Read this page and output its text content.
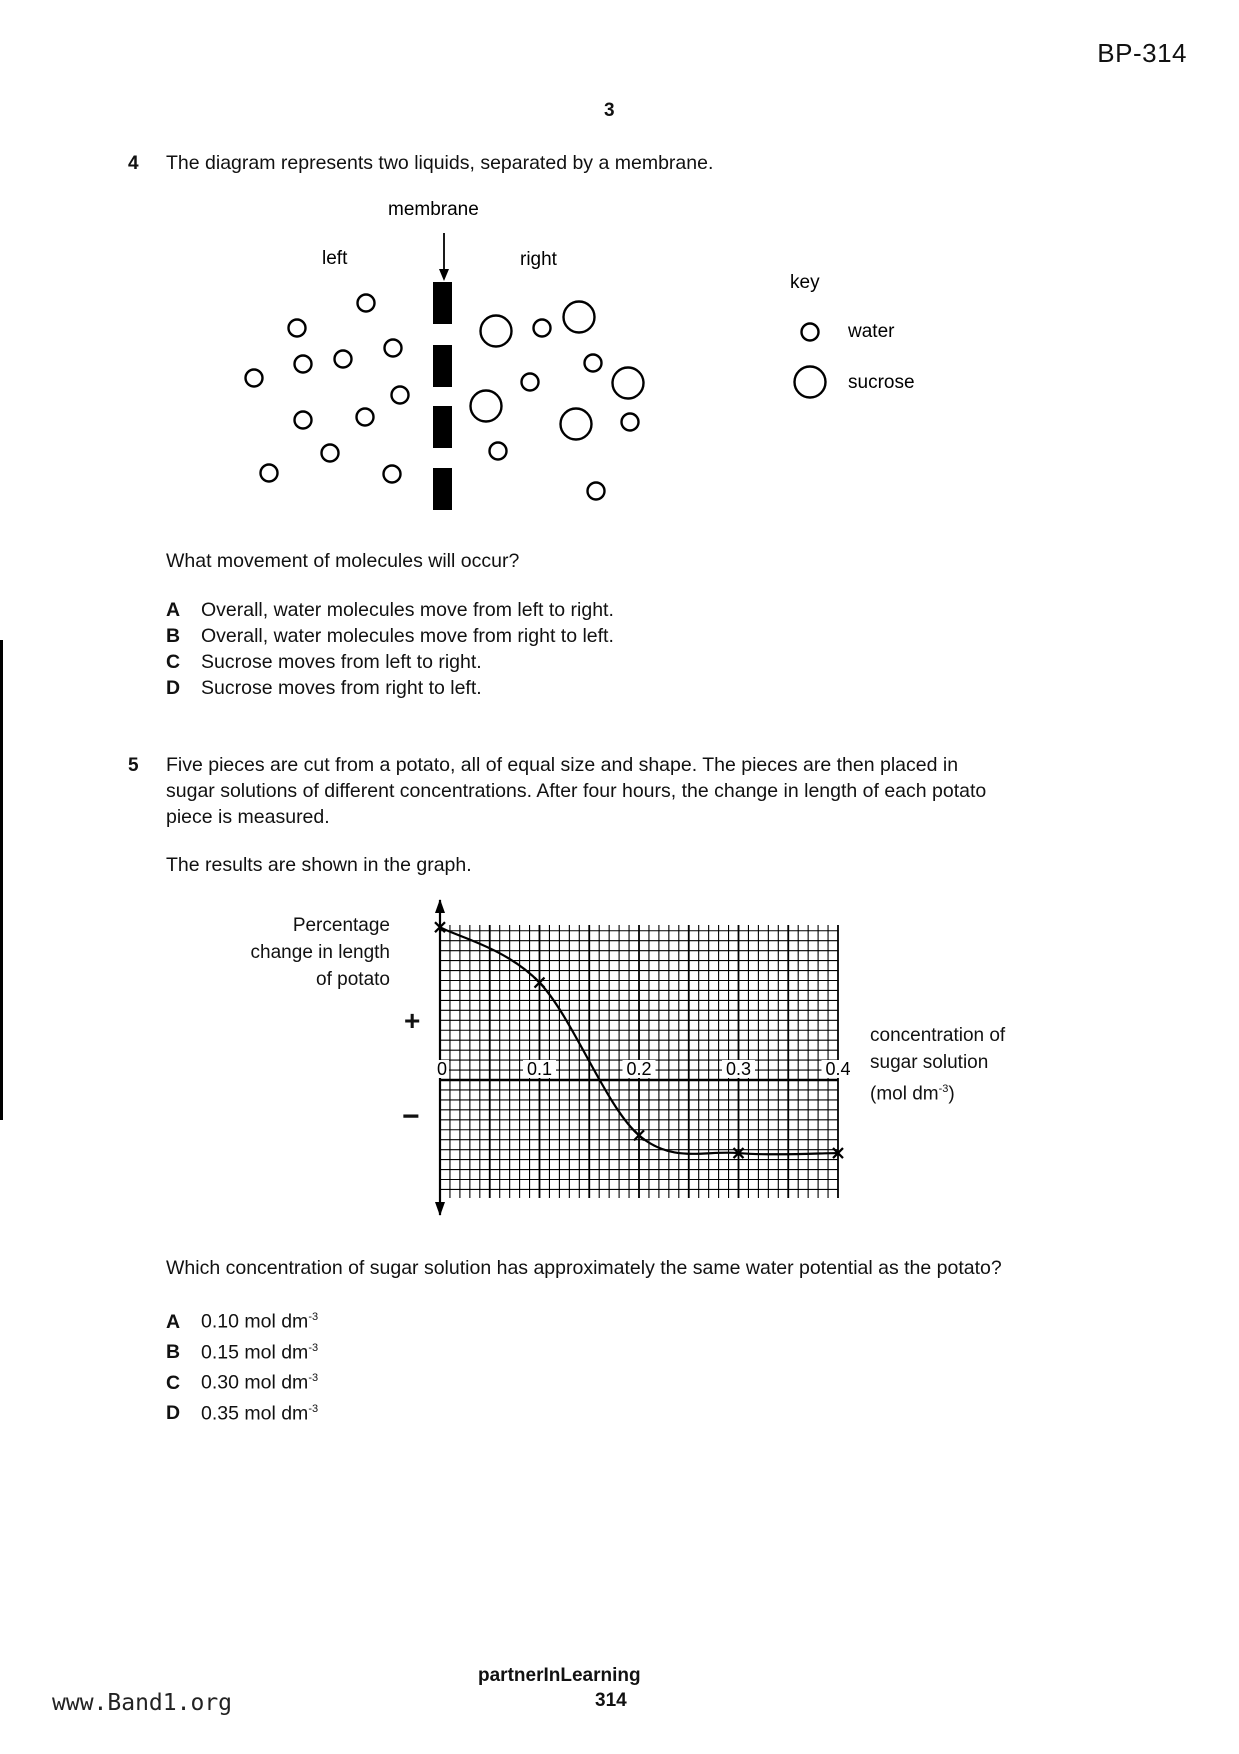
BP-314
3
4 The diagram represents two liquids, separated by a membrane.
membrane
left	right
key
water
sucrose
What movement of molecules will occur?
A Overall, water molecules move from left to right.
B Overall, water molecules move from right to left.
C Sucrose moves from left to right.
D Sucrose moves from right to left.
5 Five pieces are cut from a potato, all of equal size and shape. The pieces are then placed in
sugar solutions of different concentrations. After four hours, the change in length of each potato
piece is measured.
The results are shown in the graph.
Percentage
change in length
of potato
+
−
0	0.1	0.2	0.3	0.4
concentration of
sugar solution
(mol $dm^{-3}$)
Which concentration of sugar solution has approximately the same water potential as the potato?
A 0.10 mol $dm^{-3}$
B 0.15 mol $dm^{-3}$
C 0.30 mol $dm^{-3}$
D 0.35 mol $dm^{-3}$
www.Band1.org
partnerInLearning
314
